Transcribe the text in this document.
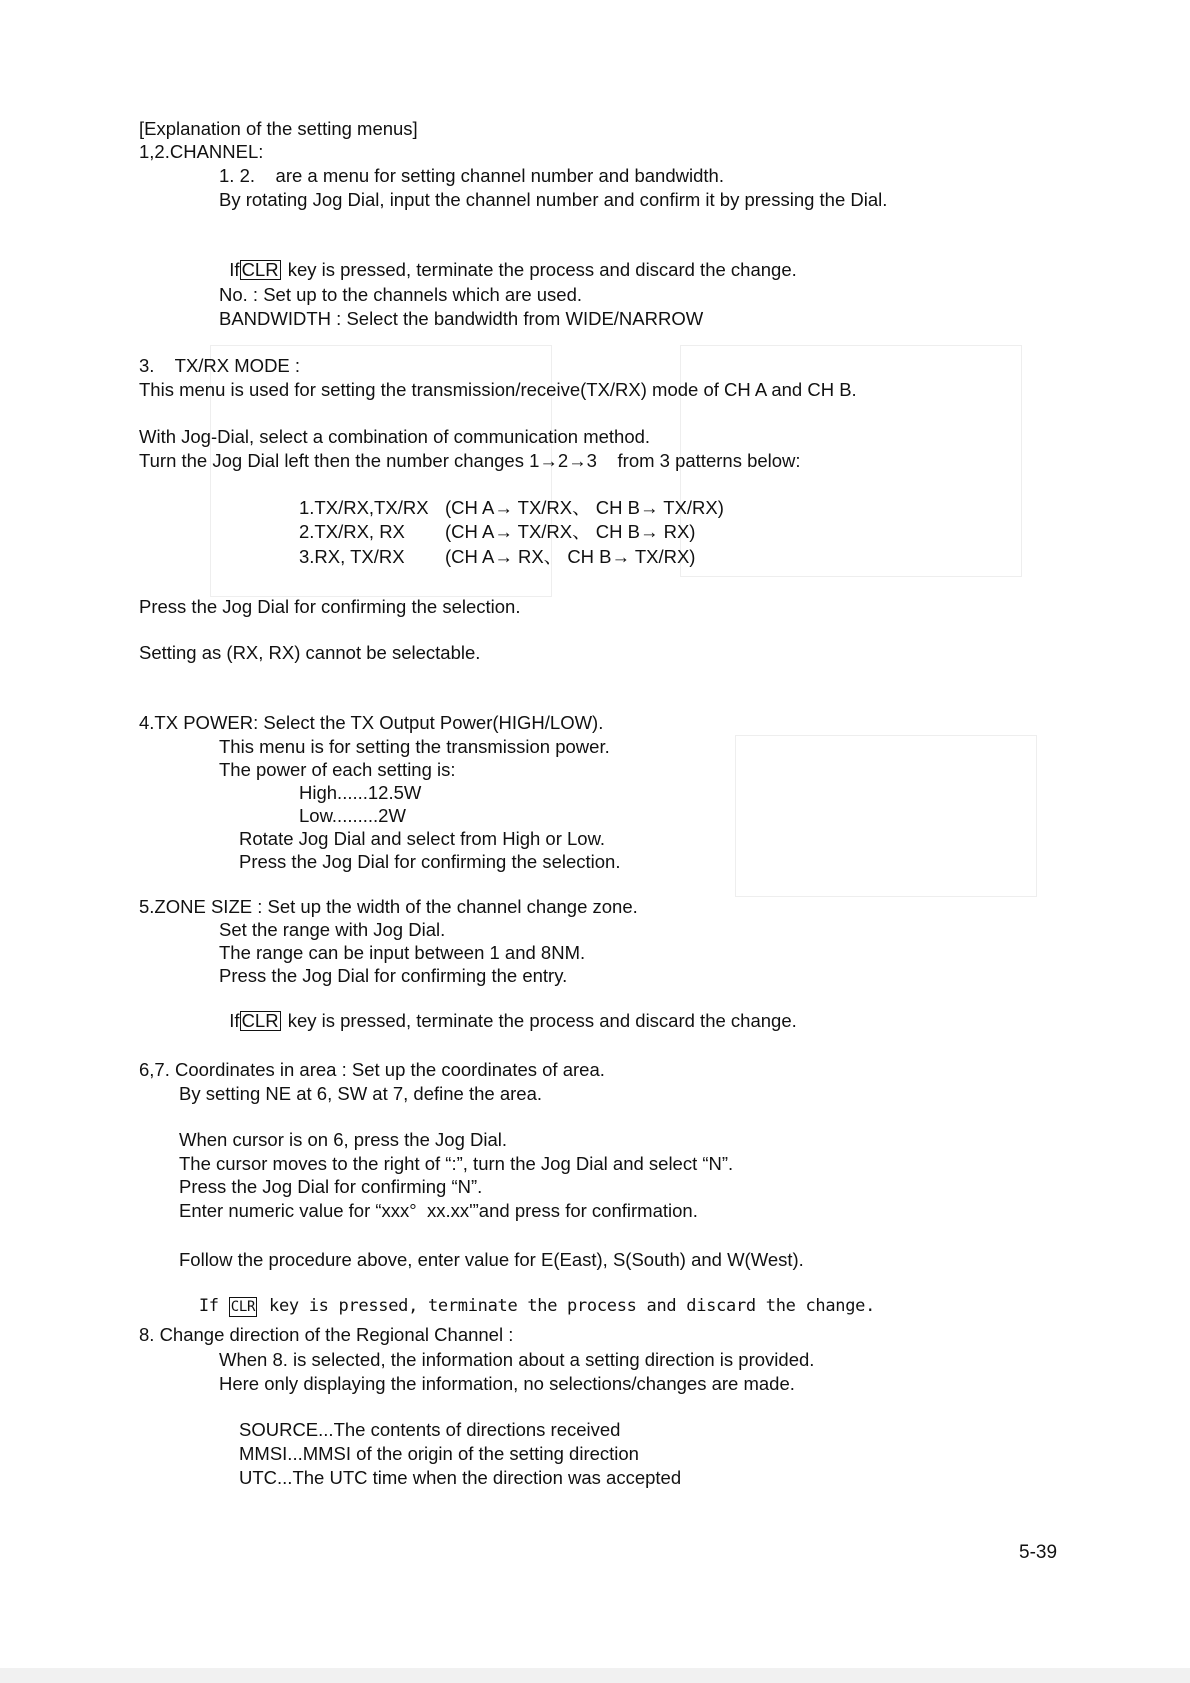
[Explanation of the setting menus]
1,2.CHANNEL:
1. 2.    are a menu for setting channel number and bandwidth.
By rotating Jog Dial, input the channel number and confirm it by pressing the Dial.

If CLR key is pressed, terminate the process and discard the change.

No. : Set up to the channels which are used.
BANDWIDTH : Select the bandwidth from WIDE/NARROW
3.    TX/RX MODE :
This menu is used for setting the transmission/receive(TX/RX) mode of CH A and CH B.
With Jog-Dial, select a combination of communication method.
Turn the Jog Dial left then the number changes 1→2→3    from 3 patterns below:
1.TX/RX,TX/RX (CH A→ TX/RX、 CH B→ TX/RX)
2.TX/RX, RX (CH A→ TX/RX、 CH B→ RX)
3.RX, TX/RX (CH A→ RX、 CH B→ TX/RX)
Press the Jog Dial for confirming the selection.
Setting as (RX, RX) cannot be selectable.
4.TX POWER: Select the TX Output Power(HIGH/LOW).
This menu is for setting the transmission power.
The power of each setting is:
High......12.5W
Low.........2W
Rotate Jog Dial and select from High or Low.
Press the Jog Dial for confirming the selection.
5.ZONE SIZE : Set up the width of the channel change zone.
Set the range with Jog Dial.
The range can be input between 1 and 8NM.
Press the Jog Dial for confirming the entry.

If CLR key is pressed, terminate the process and discard the change.

6,7. Coordinates in area : Set up the coordinates of area.
By setting NE at 6, SW at 7, define the area.
When cursor is on 6, press the Jog Dial.
The cursor moves to the right of “:”, turn the Jog Dial and select “N”.
Press the Jog Dial for confirming “N”.
Enter numeric value for “xxx°  xx.xx'”and press for confirmation.
Follow the procedure above, enter value for E(East), S(South) and W(West).

If CLR key is pressed, terminate the process and discard the change.

8. Change direction of the Regional Channel :
When 8. is selected, the information about a setting direction is provided.
Here only displaying the information, no selections/changes are made.
SOURCE...The contents of directions received
MMSI...MMSI of the origin of the setting direction
UTC...The UTC time when the direction was accepted
5-39
